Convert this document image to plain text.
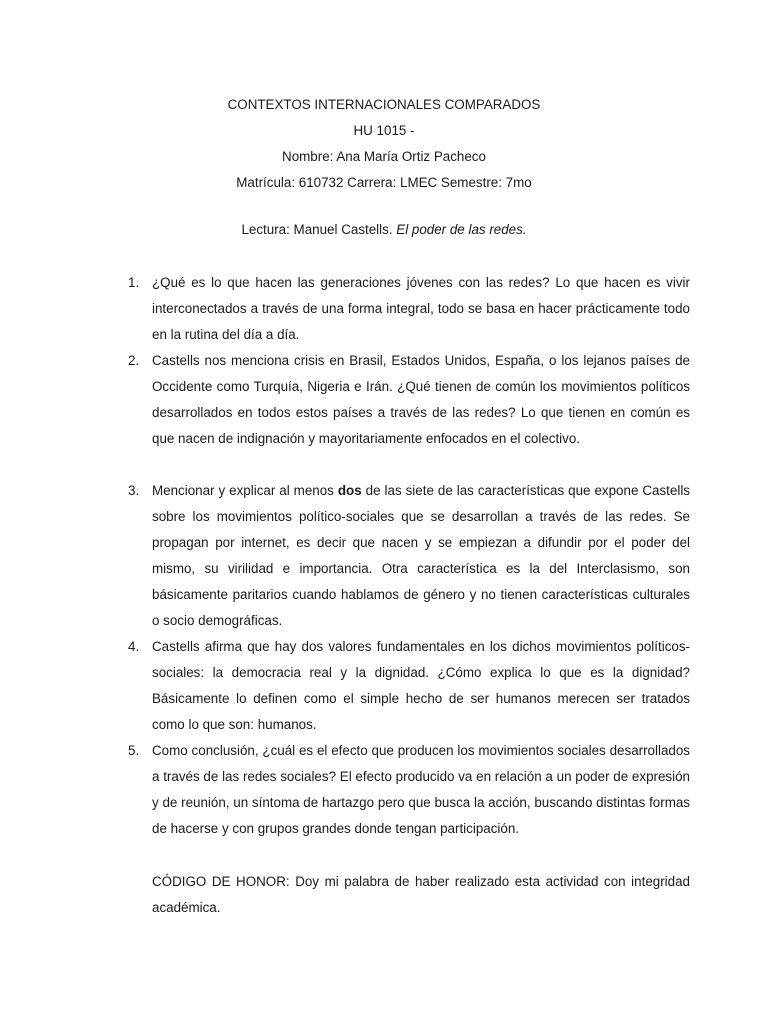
CONTEXTOS INTERNACIONALES COMPARADOS
HU 1015 -
Nombre: Ana María Ortiz Pacheco
Matrícula: 610732 Carrera: LMEC Semestre: 7mo
Lectura: Manuel Castells. El poder de las redes.
1. ¿Qué es lo que hacen las generaciones jóvenes con las redes? Lo que hacen es vivir interconectados a través de una forma integral, todo se basa en hacer prácticamente todo en la rutina del día a día.
2. Castells nos menciona crisis en Brasil, Estados Unidos, España, o los lejanos países de Occidente como Turquía, Nigeria e Irán. ¿Qué tienen de común los movimientos políticos desarrollados en todos estos países a través de las redes? Lo que tienen en común es que nacen de indignación y mayoritariamente enfocados en el colectivo.
3. Mencionar y explicar al menos dos de las siete de las características que expone Castells sobre los movimientos político-sociales que se desarrollan a través de las redes. Se propagan por internet, es decir que nacen y se empiezan a difundir por el poder del mismo, su virilidad e importancia. Otra característica es la del Interclasismo, son básicamente paritarios cuando hablamos de género y no tienen características culturales o socio demográficas.
4. Castells afirma que hay dos valores fundamentales en los dichos movimientos políticos-sociales: la democracia real y la dignidad. ¿Cómo explica lo que es la dignidad? Básicamente lo definen como el simple hecho de ser humanos merecen ser tratados como lo que son: humanos.
5. Como conclusión, ¿cuál es el efecto que producen los movimientos sociales desarrollados a través de las redes sociales? El efecto producido va en relación a un poder de expresión y de reunión, un síntoma de hartazgo pero que busca la acción, buscando distintas formas de hacerse y con grupos grandes donde tengan participación.
CÓDIGO DE HONOR: Doy mi palabra de haber realizado esta actividad con integridad académica.
